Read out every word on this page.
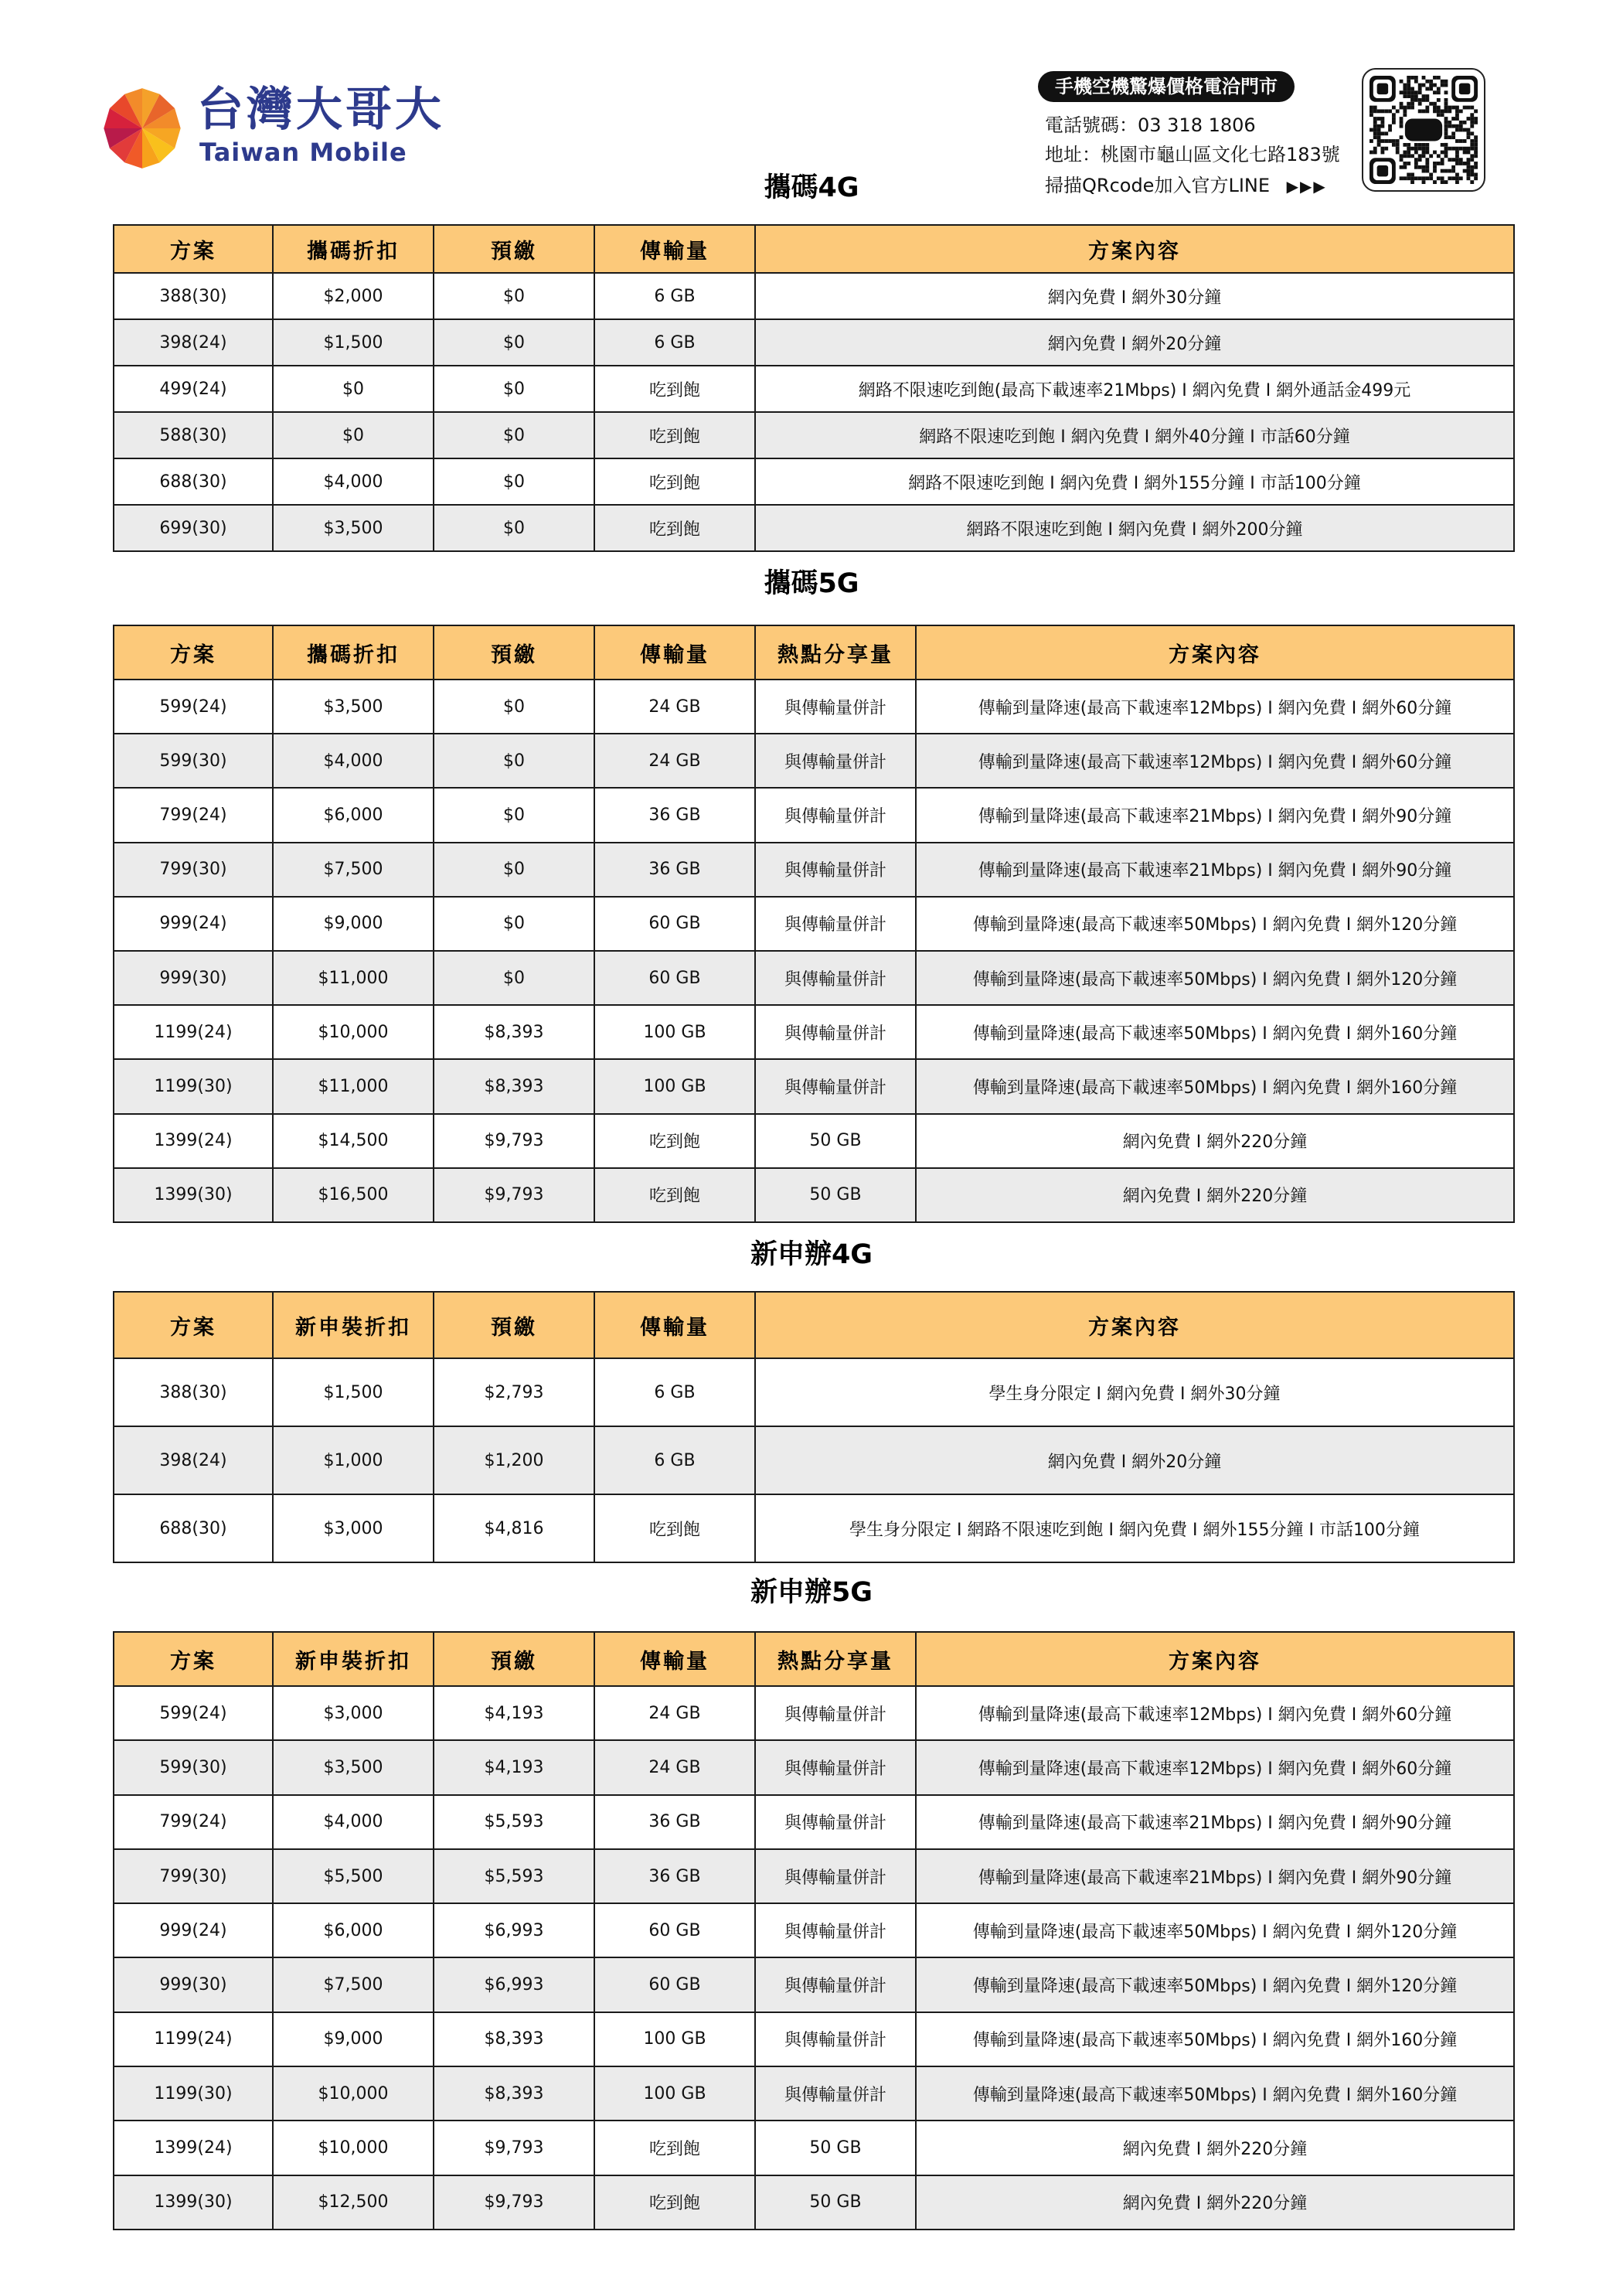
台灣大哥大
Taiwan Mobile
手機空機驚爆價格電洽門市
電話號碼：03 318 1806
地址：桃園市龜山區文化七路183號
掃描QRcode加入官方LINE ▶▶▶
攜碼4G
方案	攜碼折扣	預繳	傳輸量	方案內容
388(30)	$2,000	$0	6 GB	網內免費 I 網外30分鐘
398(24)	$1,500	$0	6 GB	網內免費 I 網外20分鐘
499(24)	$0	$0	吃到飽	網路不限速吃到飽(最高下載速率21Mbps) I 網內免費 I 網外通話金499元
588(30)	$0	$0	吃到飽	網路不限速吃到飽 I 網內免費 I 網外40分鐘 I 市話60分鐘
688(30)	$4,000	$0	吃到飽	網路不限速吃到飽 I 網內免費 I 網外155分鐘 I 市話100分鐘
699(30)	$3,500	$0	吃到飽	網路不限速吃到飽 I 網內免費 I 網外200分鐘
攜碼5G
方案	攜碼折扣	預繳	傳輸量	熱點分享量	方案內容
599(24)	$3,500	$0	24 GB	與傳輸量併計	傳輸到量降速(最高下載速率12Mbps) I 網內免費 I 網外60分鐘
599(30)	$4,000	$0	24 GB	與傳輸量併計	傳輸到量降速(最高下載速率12Mbps) I 網內免費 I 網外60分鐘
799(24)	$6,000	$0	36 GB	與傳輸量併計	傳輸到量降速(最高下載速率21Mbps) I 網內免費 I 網外90分鐘
799(30)	$7,500	$0	36 GB	與傳輸量併計	傳輸到量降速(最高下載速率21Mbps) I 網內免費 I 網外90分鐘
999(24)	$9,000	$0	60 GB	與傳輸量併計	傳輸到量降速(最高下載速率50Mbps) I 網內免費 I 網外120分鐘
999(30)	$11,000	$0	60 GB	與傳輸量併計	傳輸到量降速(最高下載速率50Mbps) I 網內免費 I 網外120分鐘
1199(24)	$10,000	$8,393	100 GB	與傳輸量併計	傳輸到量降速(最高下載速率50Mbps) I 網內免費 I 網外160分鐘
1199(30)	$11,000	$8,393	100 GB	與傳輸量併計	傳輸到量降速(最高下載速率50Mbps) I 網內免費 I 網外160分鐘
1399(24)	$14,500	$9,793	吃到飽	50 GB	網內免費 I 網外220分鐘
1399(30)	$16,500	$9,793	吃到飽	50 GB	網內免費 I 網外220分鐘
新申辦4G
方案	新申裝折扣	預繳	傳輸量	方案內容
388(30)	$1,500	$2,793	6 GB	學生身分限定 I 網內免費 I 網外30分鐘
398(24)	$1,000	$1,200	6 GB	網內免費 I 網外20分鐘
688(30)	$3,000	$4,816	吃到飽	學生身分限定 I 網路不限速吃到飽 I 網內免費 I 網外155分鐘 I 市話100分鐘
新申辦5G
方案	新申裝折扣	預繳	傳輸量	熱點分享量	方案內容
599(24)	$3,000	$4,193	24 GB	與傳輸量併計	傳輸到量降速(最高下載速率12Mbps) I 網內免費 I 網外60分鐘
599(30)	$3,500	$4,193	24 GB	與傳輸量併計	傳輸到量降速(最高下載速率12Mbps) I 網內免費 I 網外60分鐘
799(24)	$4,000	$5,593	36 GB	與傳輸量併計	傳輸到量降速(最高下載速率21Mbps) I 網內免費 I 網外90分鐘
799(30)	$5,500	$5,593	36 GB	與傳輸量併計	傳輸到量降速(最高下載速率21Mbps) I 網內免費 I 網外90分鐘
999(24)	$6,000	$6,993	60 GB	與傳輸量併計	傳輸到量降速(最高下載速率50Mbps) I 網內免費 I 網外120分鐘
999(30)	$7,500	$6,993	60 GB	與傳輸量併計	傳輸到量降速(最高下載速率50Mbps) I 網內免費 I 網外120分鐘
1199(24)	$9,000	$8,393	100 GB	與傳輸量併計	傳輸到量降速(最高下載速率50Mbps) I 網內免費 I 網外160分鐘
1199(30)	$10,000	$8,393	100 GB	與傳輸量併計	傳輸到量降速(最高下載速率50Mbps) I 網內免費 I 網外160分鐘
1399(24)	$10,000	$9,793	吃到飽	50 GB	網內免費 I 網外220分鐘
1399(30)	$12,500	$9,793	吃到飽	50 GB	網內免費 I 網外220分鐘
